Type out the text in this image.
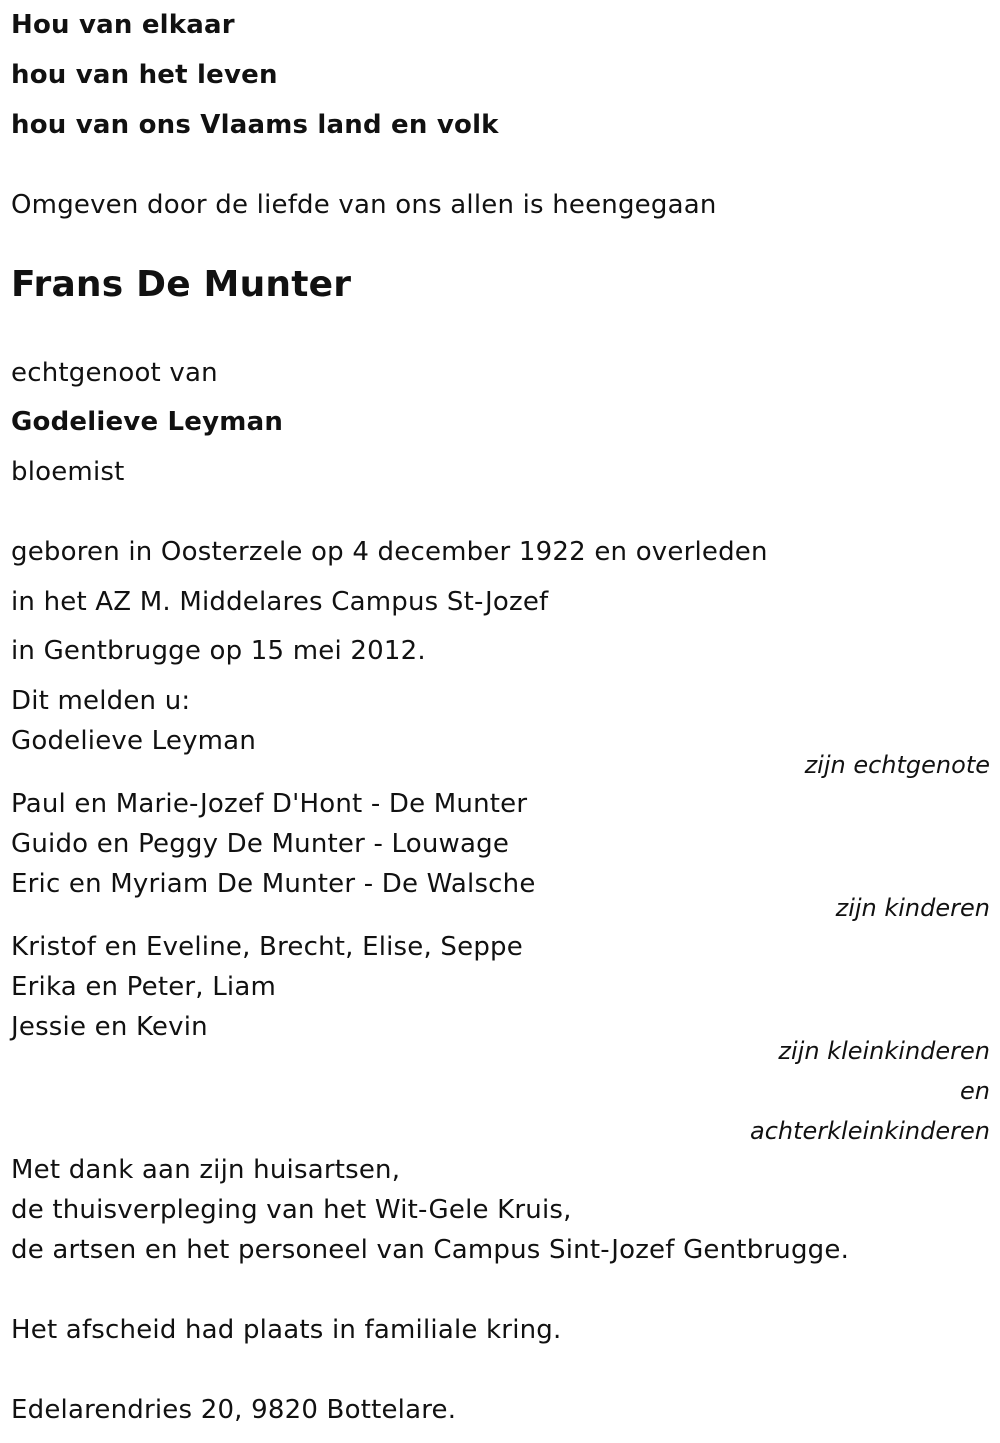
Hou van elkaar
hou van het leven
hou van ons Vlaams land en volk
Omgeven door de liefde van ons allen is heengegaan
Frans De Munter
echtgenoot van
Godelieve Leyman
bloemist
geboren in Oosterzele op 4 december 1922 en overleden
in het AZ M. Middelares Campus St-Jozef
in Gentbrugge op 15 mei 2012.
Dit melden u:
Godelieve Leyman
zijn echtgenote
Paul en Marie-Jozef D'Hont - De Munter
Guido en Peggy De Munter - Louwage
Eric en Myriam De Munter - De Walsche
zijn kinderen
Kristof en Eveline, Brecht, Elise, Seppe
Erika en Peter, Liam
Jessie en Kevin
zijn kleinkinderen
en
achterkleinkinderen
Met dank aan zijn huisartsen,
de thuisverpleging van het Wit-Gele Kruis,
de artsen en het personeel van Campus Sint-Jozef Gentbrugge.
Het afscheid had plaats in familiale kring.
Edelarendries 20, 9820 Bottelare.
